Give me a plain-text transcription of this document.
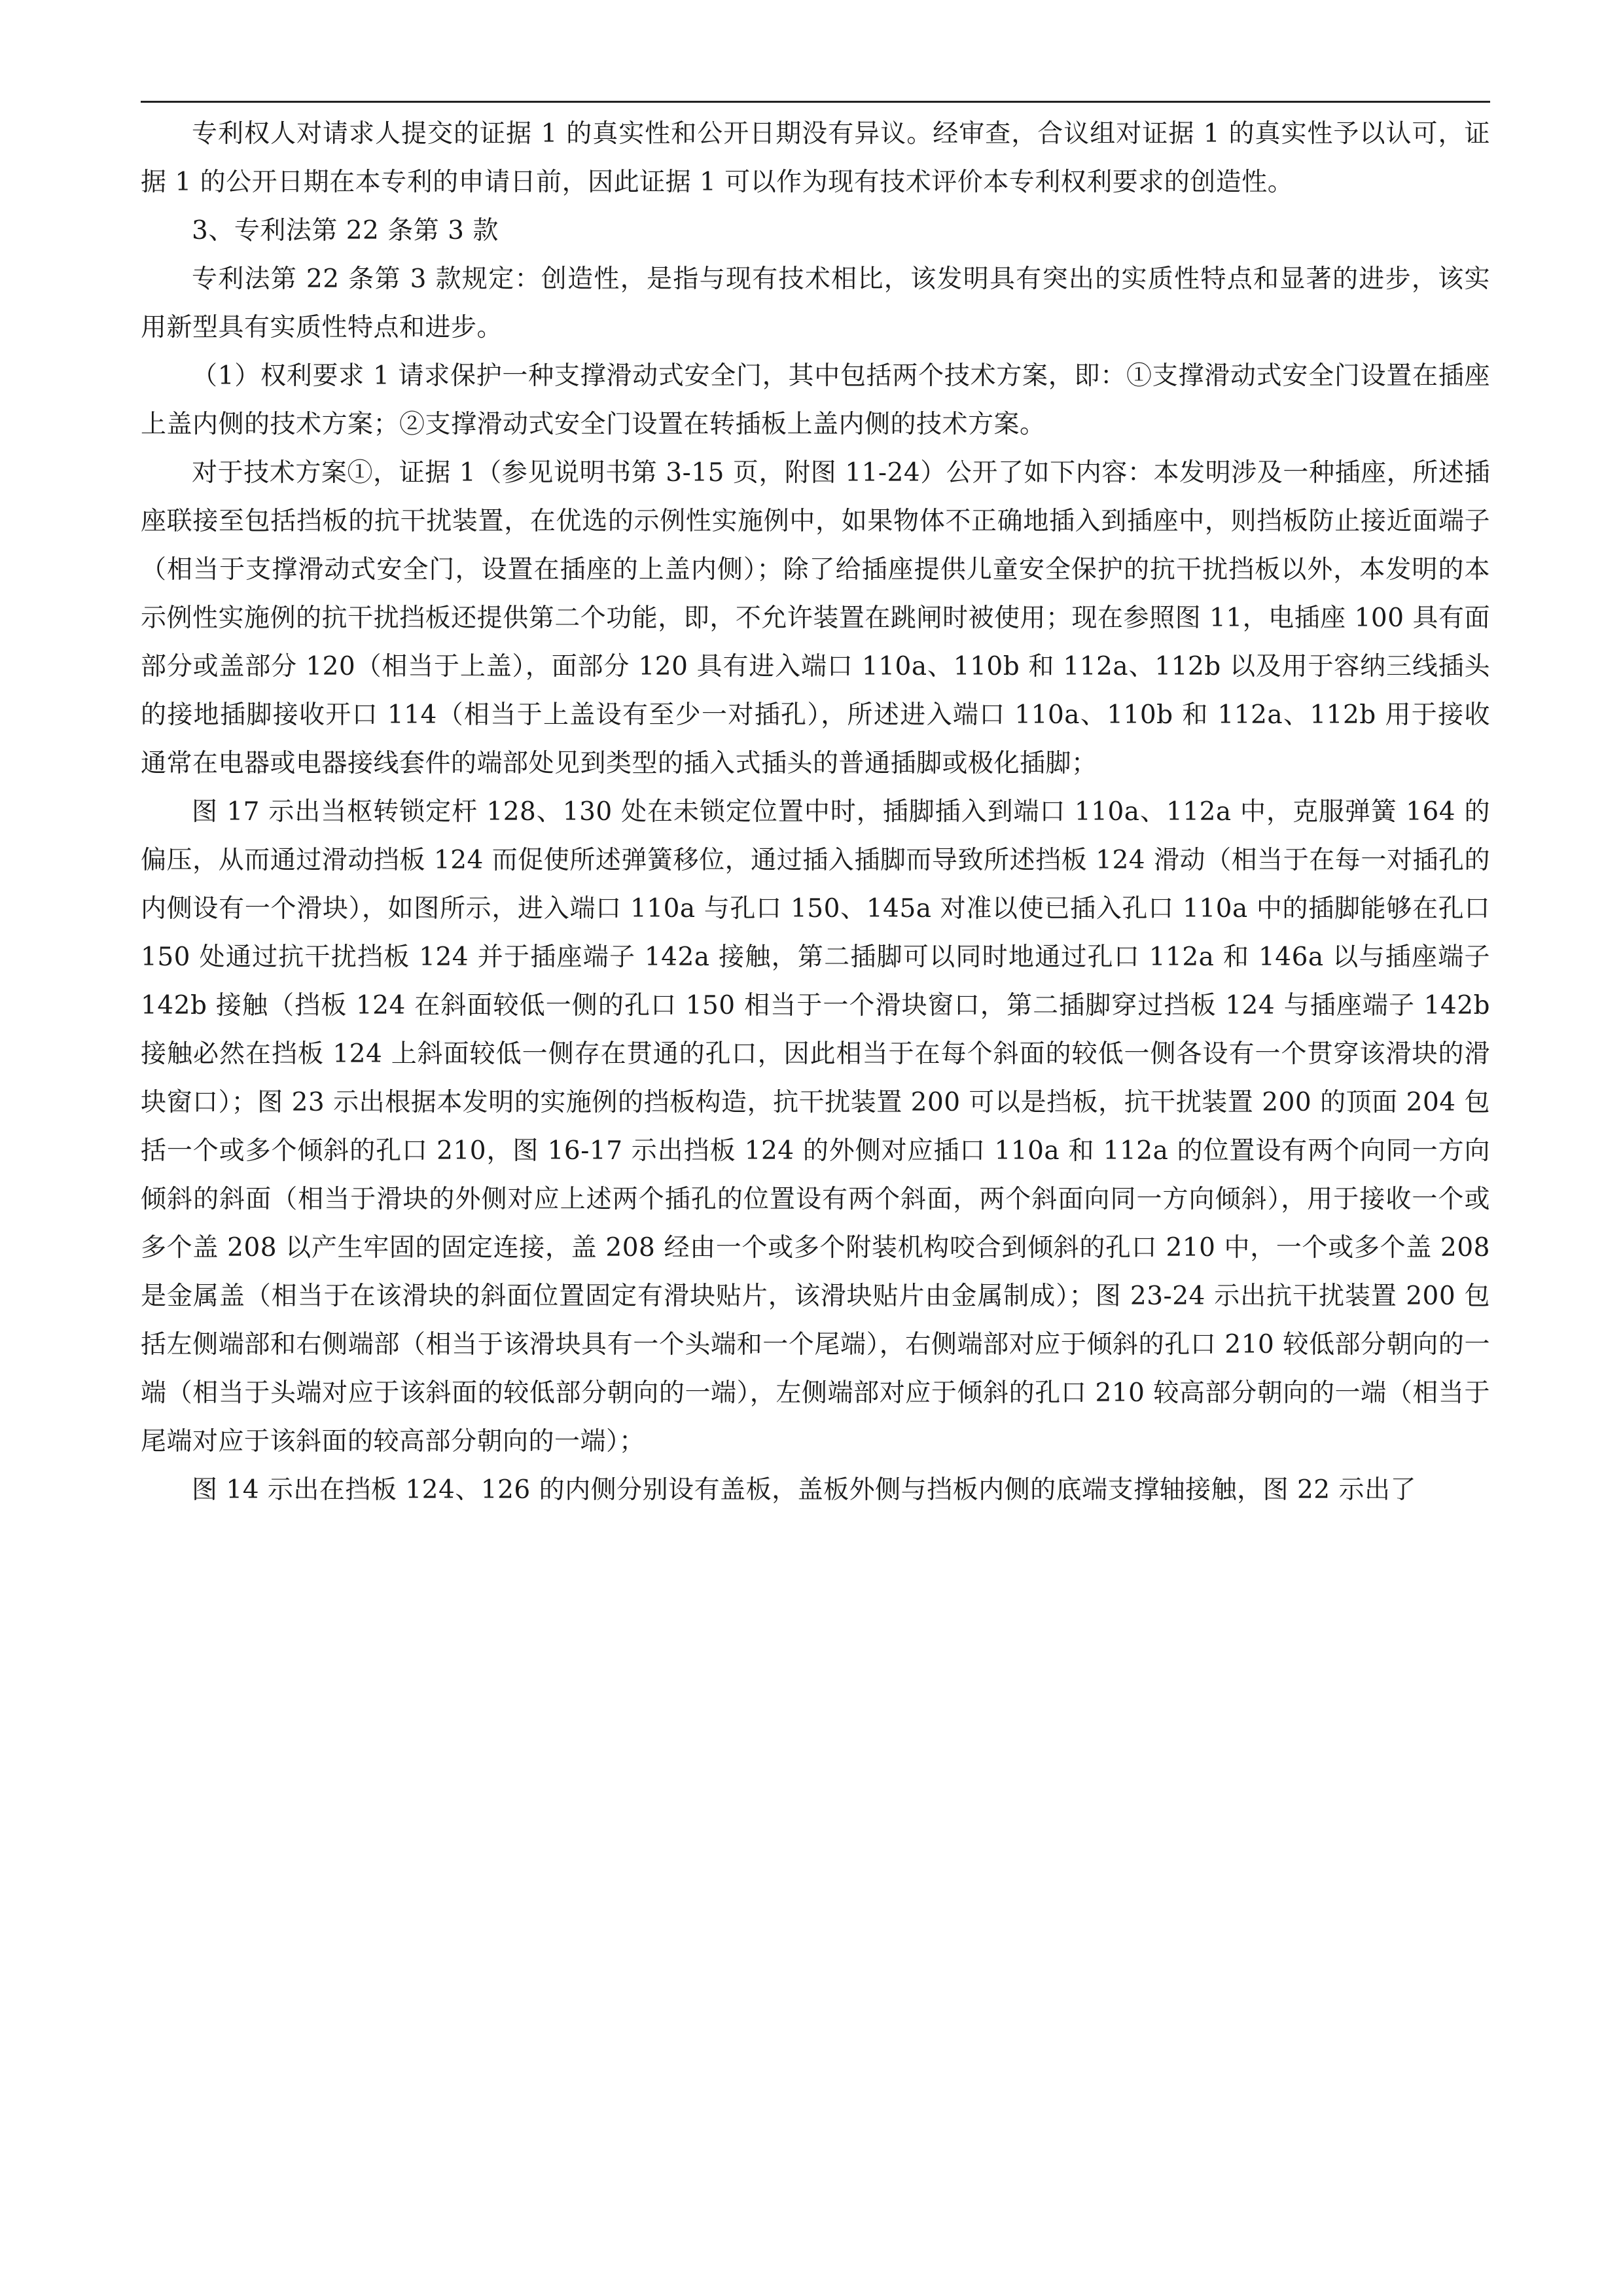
专利权人对请求人提交的证据 1 的真实性和公开日期没有异议。经审查，合议组对证据 1 的真实性予以认可，证据 1 的公开日期在本专利的申请日前，因此证据 1 可以作为现有技术评价本专利权利要求的创造性。

3、专利法第 22 条第 3 款

专利法第 22 条第 3 款规定：创造性，是指与现有技术相比，该发明具有突出的实质性特点和显著的进步，该实用新型具有实质性特点和进步。

（1）权利要求 1 请求保护一种支撑滑动式安全门，其中包括两个技术方案，即：①支撑滑动式安全门设置在插座上盖内侧的技术方案；②支撑滑动式安全门设置在转插板上盖内侧的技术方案。

对于技术方案①，证据 1（参见说明书第 3-15 页，附图 11-24）公开了如下内容：本发明涉及一种插座，所述插座联接至包括挡板的抗干扰装置，在优选的示例性实施例中，如果物体不正确地插入到插座中，则挡板防止接近面端子（相当于支撑滑动式安全门，设置在插座的上盖内侧）；除了给插座提供儿童安全保护的抗干扰挡板以外，本发明的本示例性实施例的抗干扰挡板还提供第二个功能，即，不允许装置在跳闸时被使用；现在参照图 11，电插座 100 具有面部分或盖部分 120（相当于上盖），面部分 120 具有进入端口 110a、110b 和 112a、112b 以及用于容纳三线插头的接地插脚接收开口 114（相当于上盖设有至少一对插孔），所述进入端口 110a、110b 和 112a、112b 用于接收通常在电器或电器接线套件的端部处见到类型的插入式插头的普通插脚或极化插脚；

图 17 示出当枢转锁定杆 128、130 处在未锁定位置中时，插脚插入到端口 110a、112a 中，克服弹簧 164 的偏压，从而通过滑动挡板 124 而促使所述弹簧移位，通过插入插脚而导致所述挡板 124 滑动（相当于在每一对插孔的内侧设有一个滑块），如图所示，进入端口 110a 与孔口 150、145a 对准以使已插入孔口 110a 中的插脚能够在孔口 150 处通过抗干扰挡板 124 并于插座端子 142a 接触，第二插脚可以同时地通过孔口 112a 和 146a 以与插座端子 142b 接触（挡板 124 在斜面较低一侧的孔口 150 相当于一个滑块窗口，第二插脚穿过挡板 124 与插座端子 142b 接触必然在挡板 124 上斜面较低一侧存在贯通的孔口，因此相当于在每个斜面的较低一侧各设有一个贯穿该滑块的滑块窗口）；图 23 示出根据本发明的实施例的挡板构造，抗干扰装置 200 可以是挡板，抗干扰装置 200 的顶面 204 包括一个或多个倾斜的孔口 210，图 16-17 示出挡板 124 的外侧对应插口 110a 和 112a 的位置设有两个向同一方向倾斜的斜面（相当于滑块的外侧对应上述两个插孔的位置设有两个斜面，两个斜面向同一方向倾斜），用于接收一个或多个盖 208 以产生牢固的固定连接，盖 208 经由一个或多个附装机构咬合到倾斜的孔口 210 中，一个或多个盖 208 是金属盖（相当于在该滑块的斜面位置固定有滑块贴片，该滑块贴片由金属制成）；图 23-24 示出抗干扰装置 200 包括左侧端部和右侧端部（相当于该滑块具有一个头端和一个尾端），右侧端部对应于倾斜的孔口 210 较低部分朝向的一端（相当于头端对应于该斜面的较低部分朝向的一端），左侧端部对应于倾斜的孔口 210 较高部分朝向的一端（相当于尾端对应于该斜面的较高部分朝向的一端）；

图 14 示出在挡板 124、126 的内侧分别设有盖板，盖板外侧与挡板内侧的底端支撑轴接触，图 22 示出了
